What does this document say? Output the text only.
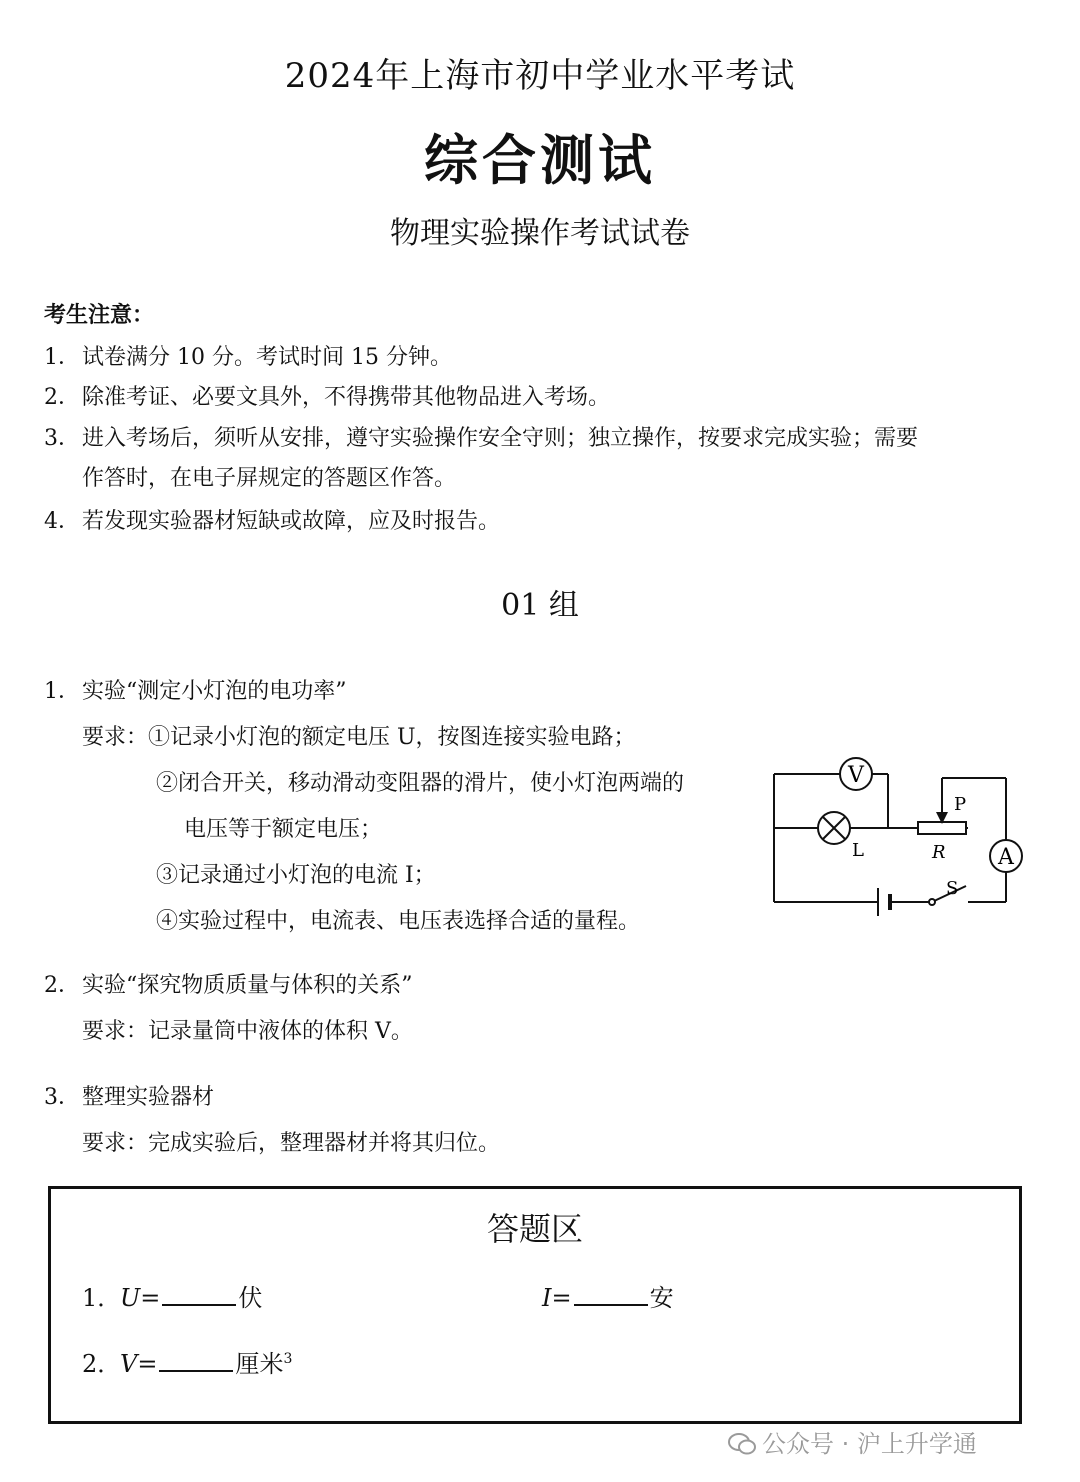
2024年上海市初中学业水平考试
综合测试
物理实验操作考试试卷
考生注意：
1．试卷满分 10 分。考试时间 15 分钟。
2．除准考证、必要文具外，不得携带其他物品进入考场。
3．进入考场后，须听从安排，遵守实验操作安全守则；独立操作，按要求完成实验；需要
作答时，在电子屏规定的答题区作答。
4．若发现实验器材短缺或故障，应及时报告。
01 组
1．实验“测定小灯泡的电功率”
要求：①记录小灯泡的额定电压 U，按图连接实验电路；
②闭合开关，移动滑动变阻器的滑片，使小灯泡两端的
电压等于额定电压；
③记录通过小灯泡的电流 I；
④实验过程中，电流表、电压表选择合适的量程。
V
L
P
R A
S
2．实验“探究物质质量与体积的关系”
要求：记录量筒中液体的体积 V。
3．整理实验器材
要求：完成实验后，整理器材并将其归位。
答题区
1．U=	伏	I=	安
2．V=	厘米$^3$
公众号 · 沪上升学通
